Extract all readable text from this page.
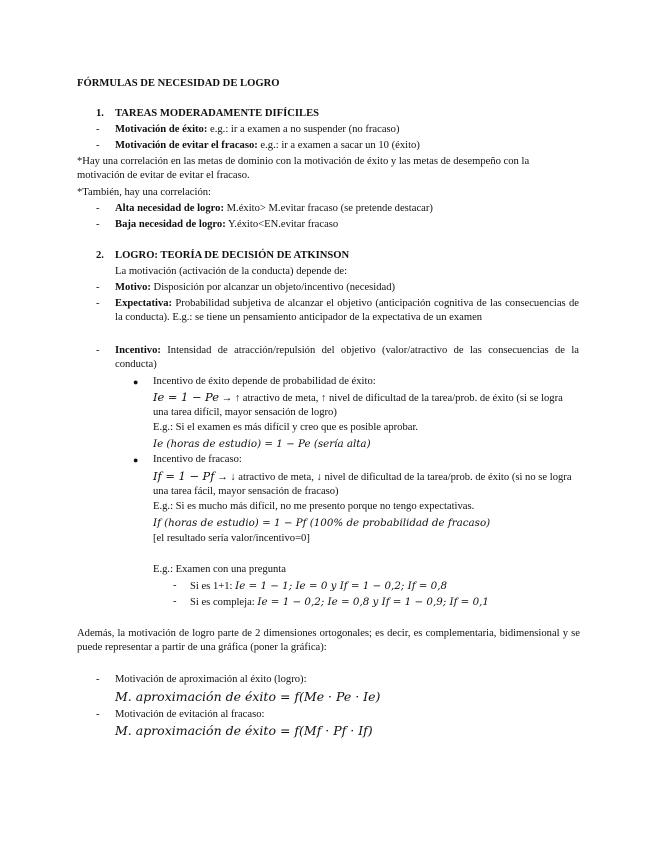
FÓRMULAS DE NECESIDAD DE LOGRO
1. TAREAS MODERADAMENTE DIFÍCILES
- Motivación de éxito: e.g.: ir a examen a no suspender (no fracaso)
- Motivación de evitar el fracaso: e.g.: ir a examen a sacar un 10 (éxito)
*Hay una correlación en las metas de dominio con la motivación de éxito y las metas de desempeño con la motivación de evitar de evitar el fracaso.
*También, hay una correlación:
- Alta necesidad de logro: M.éxito> M.evitar fracaso (se pretende destacar)
- Baja necesidad de logro: Y.éxito<EN.evitar fracaso
2. LOGRO: TEORÍA DE DECISIÓN DE ATKINSON
La motivación (activación de la conducta) depende de:
- Motivo: Disposición por alcanzar un objeto/incentivo (necesidad)
- Expectativa: Probabilidad subjetiva de alcanzar el objetivo (anticipación cognitiva de las consecuencias de la conducta). E.g.: se tiene un pensamiento anticipador de la expectativa de un examen
- Incentivo: Intensidad de atracción/repulsión del objetivo (valor/atractivo de las consecuencias de la conducta)
● Incentivo de éxito depende de probabilidad de éxito:
Ie = 1 − Pe → ↑ atractivo de meta, ↑ nivel de dificultad de la tarea/prob. de éxito (si se logra una tarea difícil, mayor sensación de logro)
E.g.: Si el examen es más difícil y creo que es posible aprobar.
Ie (horas de estudio) = 1 − Pe (sería alta)
● Incentivo de fracaso:
If = 1 − Pf → ↓ atractivo de meta, ↓ nivel de dificultad de la tarea/prob. de éxito (si no se logra una tarea fácil, mayor sensación de fracaso)
E.g.: Si es mucho más difícil, no me presento porque no tengo expectativas.
If (horas de estudio) = 1 − Pf (100% de probabilidad de fracaso)
[el resultado sería valor/incentivo=0]
E.g.: Examen con una pregunta
- Si es 1+1: Ie = 1 − 1; Ie = 0 y If = 1 − 0,2; If = 0,8
- Si es compleja: Ie = 1 − 0,2; Ie = 0,8 y If = 1 − 0,9; If = 0,1
Además, la motivación de logro parte de 2 dimensiones ortogonales; es decir, es complementaria, bidimensional y se puede representar a partir de una gráfica (poner la gráfica):
- Motivación de aproximación al éxito (logro):
M. aproximación de éxito = f(Me · Pe · Ie)
- Motivación de evitación al fracaso:
M. aproximación de éxito = f(Mf · Pf · If)
